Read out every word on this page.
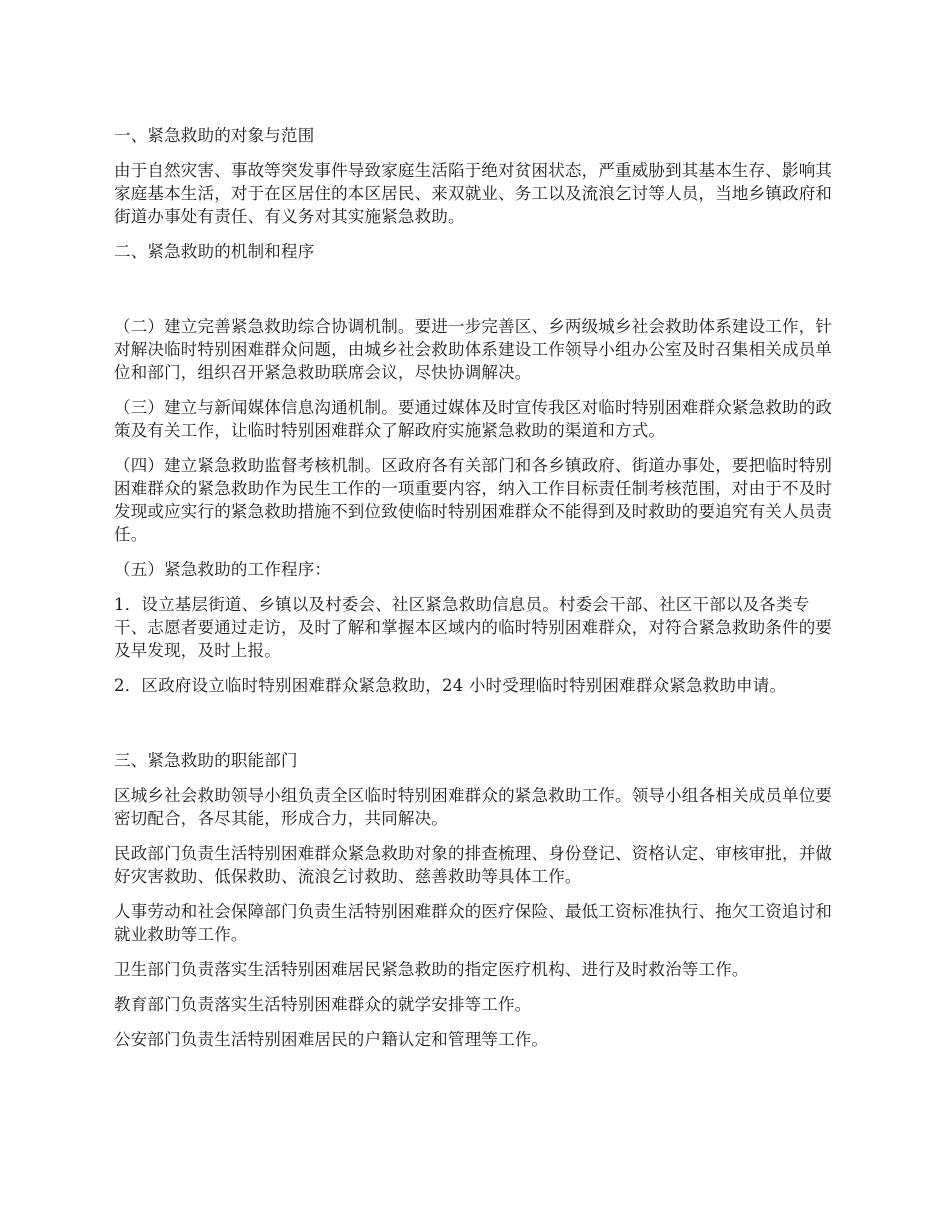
一、紧急救助的对象与范围
由于自然灾害、事故等突发事件导致家庭生活陷于绝对贫困状态，严重威胁到其基本生存、影响其家庭基本生活，对于在区居住的本区居民、来双就业、务工以及流浪乞讨等人员，当地乡镇政府和街道办事处有责任、有义务对其实施紧急救助。
二、紧急救助的机制和程序
（二）建立完善紧急救助综合协调机制。要进一步完善区、乡两级城乡社会救助体系建设工作，针对解决临时特别困难群众问题，由城乡社会救助体系建设工作领导小组办公室及时召集相关成员单位和部门，组织召开紧急救助联席会议，尽快协调解决。
（三）建立与新闻媒体信息沟通机制。要通过媒体及时宣传我区对临时特别困难群众紧急救助的政策及有关工作，让临时特别困难群众了解政府实施紧急救助的渠道和方式。
（四）建立紧急救助监督考核机制。区政府各有关部门和各乡镇政府、街道办事处，要把临时特别困难群众的紧急救助作为民生工作的一项重要内容，纳入工作目标责任制考核范围，对由于不及时发现或应实行的紧急救助措施不到位致使临时特别困难群众不能得到及时救助的要追究有关人员责任。
（五）紧急救助的工作程序：
1．设立基层街道、乡镇以及村委会、社区紧急救助信息员。村委会干部、社区干部以及各类专干、志愿者要通过走访，及时了解和掌握本区域内的临时特别困难群众，对符合紧急救助条件的要及早发现，及时上报。
2．区政府设立临时特别困难群众紧急救助，24 小时受理临时特别困难群众紧急救助申请。
三、紧急救助的职能部门
区城乡社会救助领导小组负责全区临时特别困难群众的紧急救助工作。领导小组各相关成员单位要密切配合，各尽其能，形成合力，共同解决。
民政部门负责生活特别困难群众紧急救助对象的排查梳理、身份登记、资格认定、审核审批，并做好灾害救助、低保救助、流浪乞讨救助、慈善救助等具体工作。
人事劳动和社会保障部门负责生活特别困难群众的医疗保险、最低工资标准执行、拖欠工资追讨和就业救助等工作。
卫生部门负责落实生活特别困难居民紧急救助的指定医疗机构、进行及时救治等工作。
教育部门负责落实生活特别困难群众的就学安排等工作。
公安部门负责生活特别困难居民的户籍认定和管理等工作。
